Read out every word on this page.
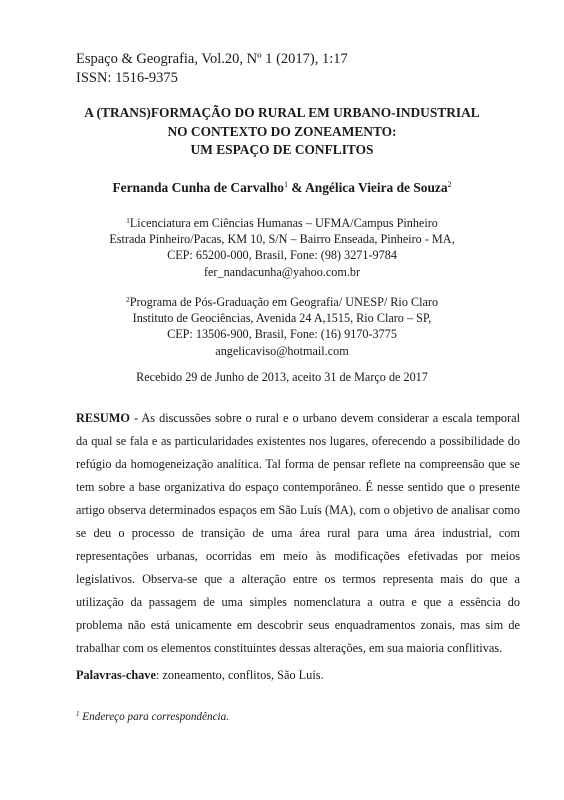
Espaço & Geografia, Vol.20, Nº 1 (2017), 1:17
ISSN: 1516-9375
A (TRANS)FORMAÇÃO DO RURAL EM URBANO-INDUSTRIAL
NO CONTEXTO DO ZONEAMENTO:
UM ESPAÇO DE CONFLITOS
Fernanda Cunha de Carvalho$^1$ & Angélica Vieira de Souza$^2$
$^1$Licenciatura em Ciências Humanas – UFMA/Campus Pinheiro
Estrada Pinheiro/Pacas, KM 10, S/N – Bairro Enseada, Pinheiro - MA,
CEP: 65200-000, Brasil, Fone: (98) 3271-9784
fer_nandacunha@yahoo.com.br
$^2$Programa de Pós-Graduação em Geografia/ UNESP/ Rio Claro
Instituto de Geociências, Avenida 24 A,1515, Rio Claro – SP,
CEP: 13506-900, Brasil, Fone: (16) 9170-3775
angelicaviso@hotmail.com
Recebido 29 de Junho de 2013, aceito 31 de Março de 2017
RESUMO - As discussões sobre o rural e o urbano devem considerar a escala temporal da qual se fala e as particularidades existentes nos lugares, oferecendo a possibilidade do refúgio da homogeneização analítica. Tal forma de pensar reflete na compreensão que se tem sobre a base organizativa do espaço contemporâneo. É nesse sentido que o presente artigo observa determinados espaços em São Luís (MA), com o objetivo de analisar como se deu o processo de transição de uma área rural para uma área industrial, com representações urbanas, ocorridas em meio às modificações efetivadas por meios legislativos. Observa-se que a alteração entre os termos representa mais do que a utilização da passagem de uma simples nomenclatura a outra e que a essência do problema não está unicamente em descobrir seus enquadramentos zonais, mas sim de trabalhar com os elementos constituintes dessas alterações, em sua maioria conflitivas.
Palavras-chave: zoneamento, conflitos, São Luís.
$^1$ Endereço para correspondência.
